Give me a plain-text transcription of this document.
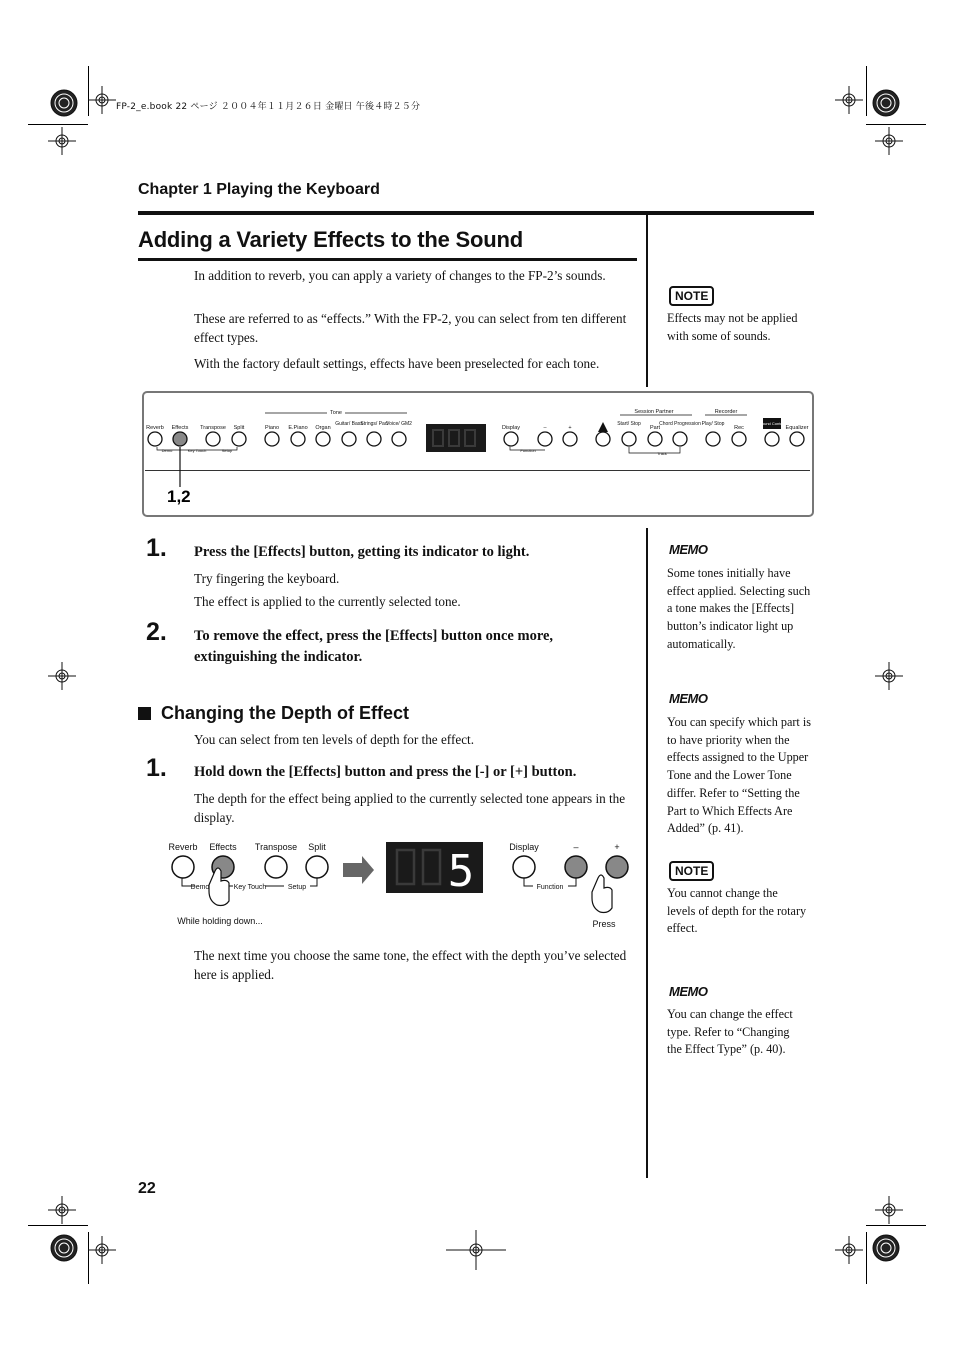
FP-2_e.book 22 ページ ２００４年１１月２６日 金曜日 午後４時２５分
Chapter 1 Playing the Keyboard
Adding a Variety Effects to the Sound
In addition to reverb, you can apply a variety of changes to the FP-2’s sounds.
These are referred to as “effects.” With the FP-2, you can select from ten different effect types.
With the factory default settings, effects have been preselected for each tone.
NOTE
Effects may not be applied with some of sounds.
MEMO
Some tones initially have effect applied. Selecting such a tone makes the [Effects] button’s indicator light up automatically.
MEMO
You can specify which part is to have priority when the effects assigned to the Upper Tone and the Lower Tone differ. Refer to “Setting the Part to Which Effects Are Added” (p. 41).
NOTE
You cannot change the levels of depth for the rotary effect.
MEMO
You can change the effect type. Refer to “Changing the Effect Type” (p. 40).
Reverb Effects Transpose Split
Demo	Key Touch	Setup
Tone
Piano E.Piano Organ
Guitar/ Bass
Strings/ Pad
Voice/ GM2
Display	–	+
Function
Session Partner
Start/ Stop
Part
Chord Progression
Track
Recorder
Play/ Stop
Rec	Equalizer
Sound Control
1,2
1. Press the [Effects] button, getting its indicator to light.
Try fingering the keyboard.
The effect is applied to the currently selected tone.
2. To remove the effect, press the [Effects] button once more, extinguishing the indicator.
Changing the Depth of Effect
You can select from ten levels of depth for the effect.
1. Hold down the [Effects] button and press the [-] or [+] button.
The depth for the effect being applied to the currently selected tone appears in the display.
Reverb Effects Transpose Split
Demo	Key Touch	Setup
Display	–	+
Function
While holding down...	Press
5
The next time you choose the same tone, the effect with the depth you’ve selected here is applied.
22
